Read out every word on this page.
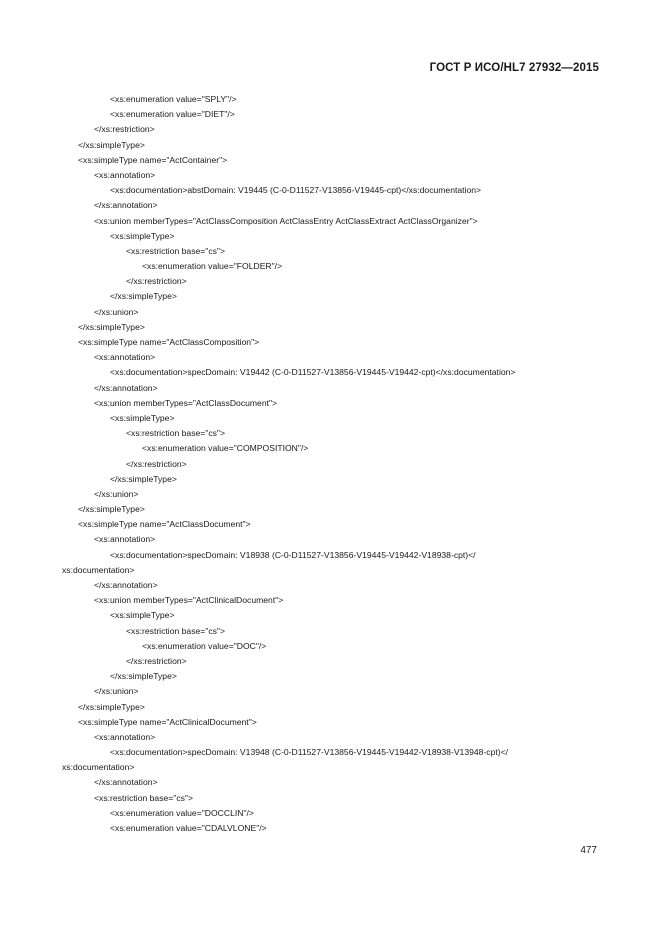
ГОСТ Р ИСО/HL7 27932—2015
<xs:enumeration value="SPLY"/>
<xs:enumeration value="DIET"/>
</xs:restriction>
</xs:simpleType>
<xs:simpleType name="ActContainer">
<xs:annotation>
<xs:documentation>abstDomain: V19445 (C-0-D11527-V13856-V19445-cpt)</xs:documentation>
</xs:annotation>
<xs:union memberTypes="ActClassComposition ActClassEntry ActClassExtract ActClassOrganizer">
<xs:simpleType>
<xs:restriction base="cs">
<xs:enumeration value="FOLDER"/>
</xs:restriction>
</xs:simpleType>
</xs:union>
</xs:simpleType>
<xs:simpleType name="ActClassComposition">
<xs:annotation>
<xs:documentation>specDomain: V19442 (C-0-D11527-V13856-V19445-V19442-cpt)</xs:documentation>
</xs:annotation>
<xs:union memberTypes="ActClassDocument">
<xs:simpleType>
<xs:restriction base="cs">
<xs:enumeration value="COMPOSITION"/>
</xs:restriction>
</xs:simpleType>
</xs:union>
</xs:simpleType>
<xs:simpleType name="ActClassDocument">
<xs:annotation>
<xs:documentation>specDomain: V18938 (C-0-D11527-V13856-V19445-V19442-V18938-cpt)</
xs:documentation>
</xs:annotation>
<xs:union memberTypes="ActClinicalDocument">
<xs:simpleType>
<xs:restriction base="cs">
<xs:enumeration value="DOC"/>
</xs:restriction>
</xs:simpleType>
</xs:union>
</xs:simpleType>
<xs:simpleType name="ActClinicalDocument">
<xs:annotation>
<xs:documentation>specDomain: V13948 (C-0-D11527-V13856-V19445-V19442-V18938-V13948-cpt)</
xs:documentation>
</xs:annotation>
<xs:restriction base="cs">
<xs:enumeration value="DOCCLIN"/>
<xs:enumeration value="CDALVLONE"/>
477
